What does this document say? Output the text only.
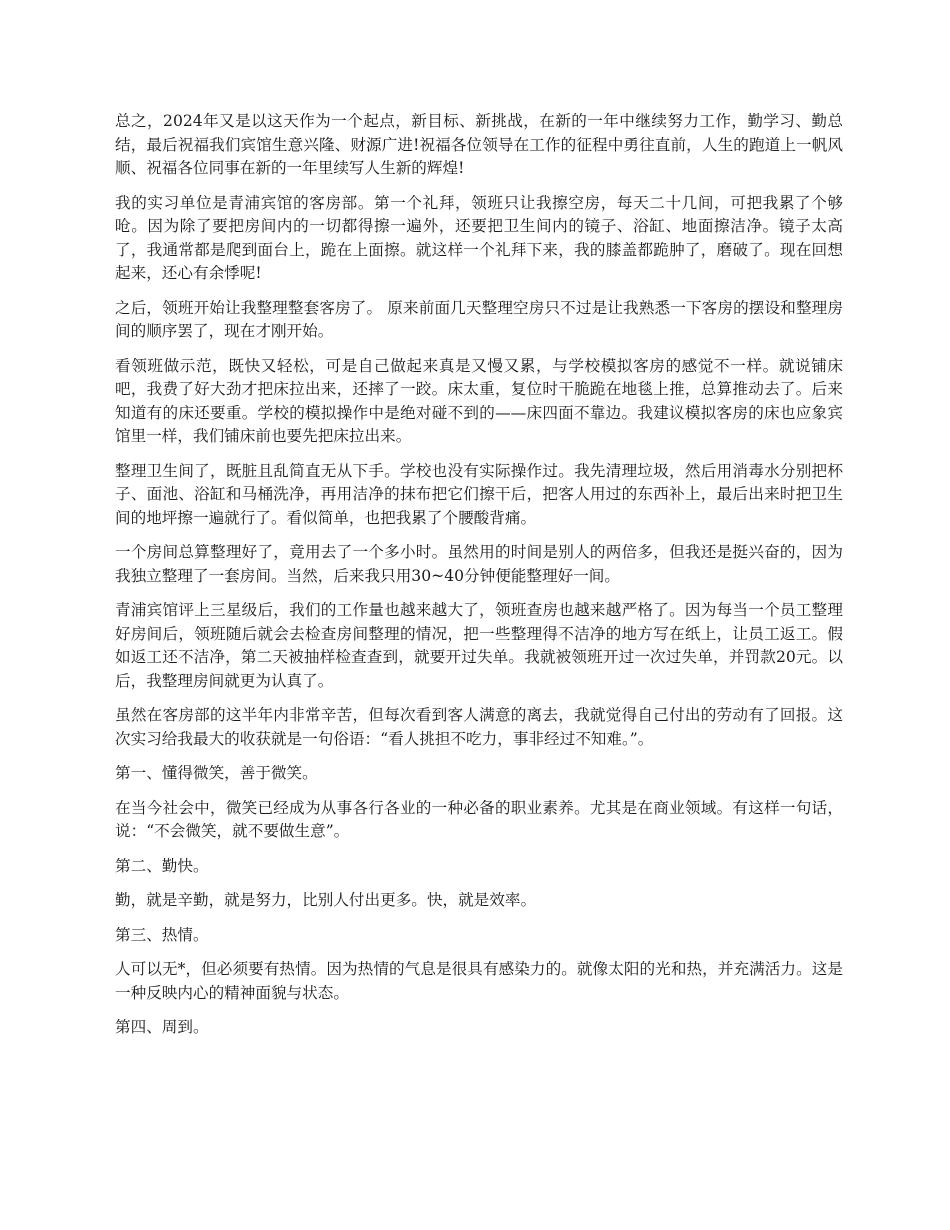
总之，2024年又是以这天作为一个起点，新目标、新挑战，在新的一年中继续努力工作，勤学习、勤总结，最后祝福我们宾馆生意兴隆、财源广进!祝福各位领导在工作的征程中勇往直前，人生的跑道上一帆风顺、祝福各位同事在新的一年里续写人生新的辉煌!

我的实习单位是青浦宾馆的客房部。第一个礼拜，领班只让我擦空房，每天二十几间，可把我累了个够呛。因为除了要把房间内的一切都得擦一遍外，还要把卫生间内的镜子、浴缸、地面擦洁净。镜子太高了，我通常都是爬到面台上，跪在上面擦。就这样一个礼拜下来，我的膝盖都跪肿了，磨破了。现在回想起来，还心有余悸呢!

之后，领班开始让我整理整套客房了。 原来前面几天整理空房只不过是让我熟悉一下客房的摆设和整理房间的顺序罢了，现在才刚开始。

看领班做示范，既快又轻松，可是自己做起来真是又慢又累，与学校模拟客房的感觉不一样。就说铺床吧，我费了好大劲才把床拉出来，还摔了一跤。床太重，复位时干脆跪在地毯上推，总算推动去了。后来知道有的床还要重。学校的模拟操作中是绝对碰不到的——床四面不靠边。我建议模拟客房的床也应象宾馆里一样，我们铺床前也要先把床拉出来。

整理卫生间了，既脏且乱简直无从下手。学校也没有实际操作过。我先清理垃圾，然后用消毒水分别把杯子、面池、浴缸和马桶洗净，再用洁净的抹布把它们擦干后，把客人用过的东西补上，最后出来时把卫生间的地坪擦一遍就行了。看似简单，也把我累了个腰酸背痛。

一个房间总算整理好了，竟用去了一个多小时。虽然用的时间是别人的两倍多，但我还是挺兴奋的，因为我独立整理了一套房间。当然，后来我只用30~40分钟便能整理好一间。

青浦宾馆评上三星级后，我们的工作量也越来越大了，领班查房也越来越严格了。因为每当一个员工整理好房间后，领班随后就会去检查房间整理的情况，把一些整理得不洁净的地方写在纸上，让员工返工。假如返工还不洁净，第二天被抽样检查查到，就要开过失单。我就被领班开过一次过失单，并罚款20元。以后，我整理房间就更为认真了。

虽然在客房部的这半年内非常辛苦，但每次看到客人满意的离去，我就觉得自己付出的劳动有了回报。这次实习给我最大的收获就是一句俗语：“看人挑担不吃力，事非经过不知难。”。

第一、懂得微笑，善于微笑。

在当今社会中，微笑已经成为从事各行各业的一种必备的职业素养。尤其是在商业领域。有这样一句话，说：“不会微笑，就不要做生意”。

第二、勤快。

勤，就是辛勤，就是努力，比别人付出更多。快，就是效率。

第三、热情。

人可以无*，但必须要有热情。因为热情的气息是很具有感染力的。就像太阳的光和热，并充满活力。这是一种反映内心的精神面貌与状态。

第四、周到。
